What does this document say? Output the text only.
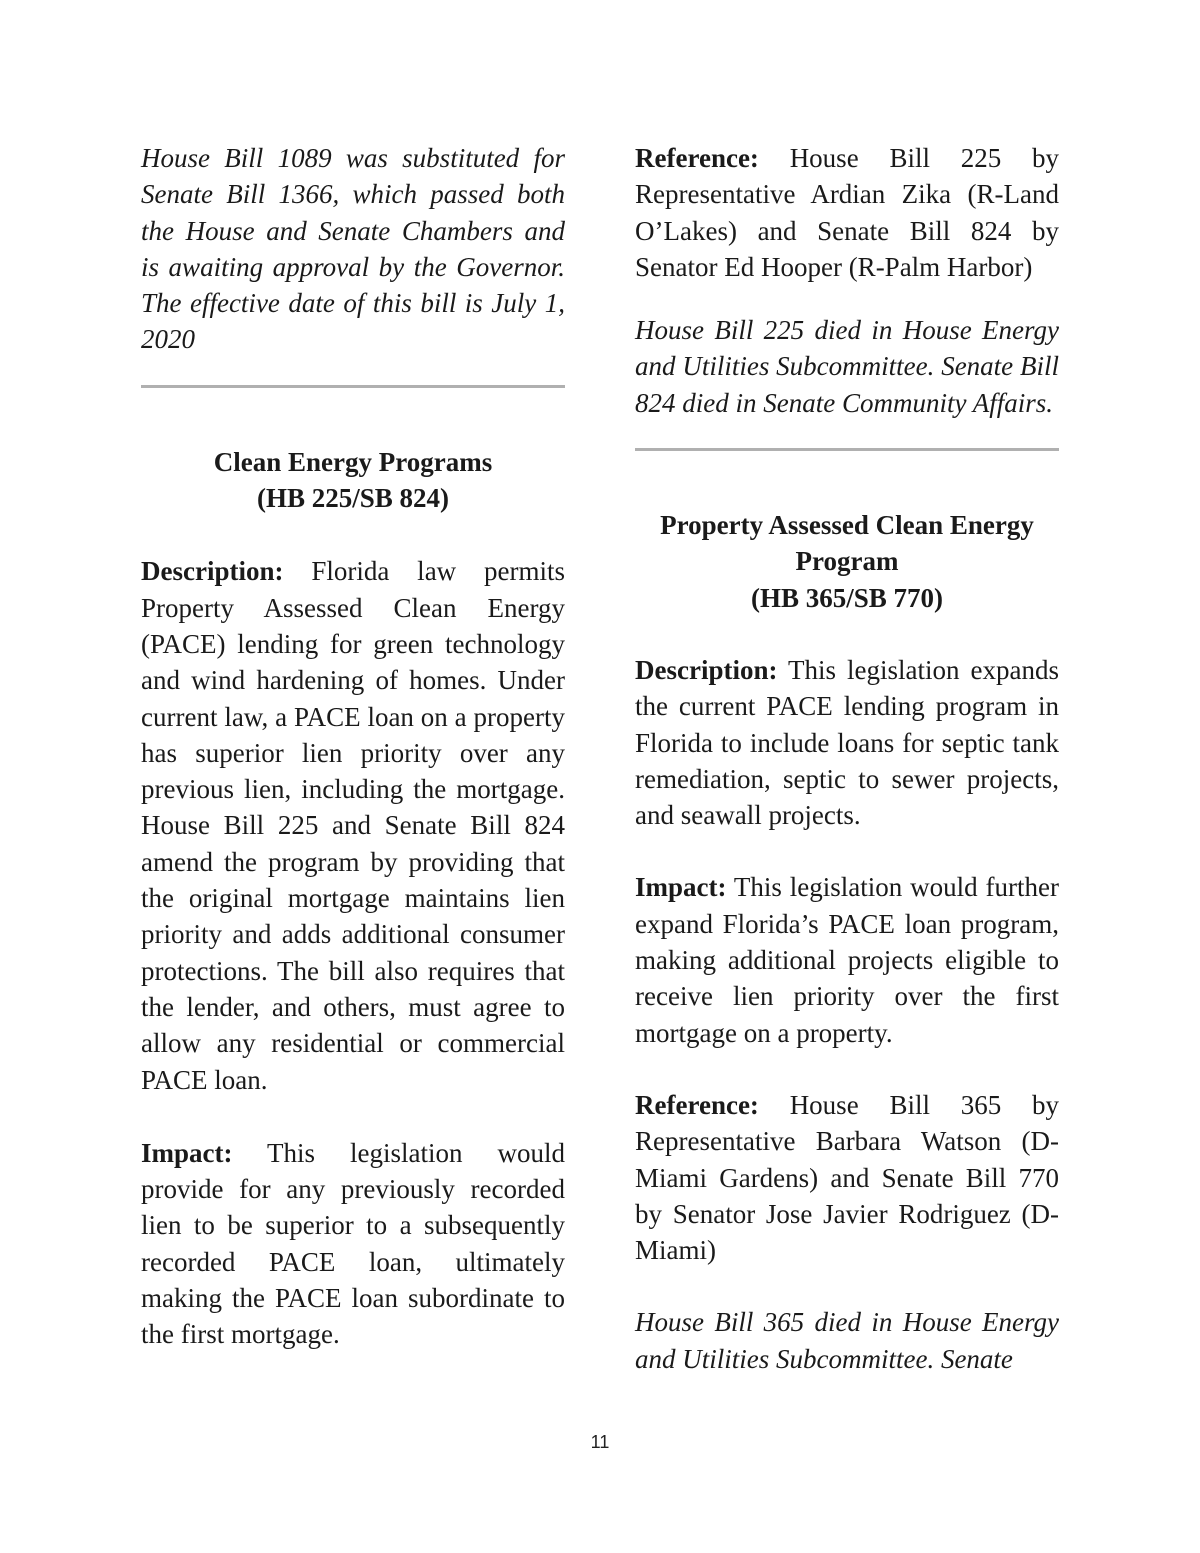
House Bill 1089 was substituted for Senate Bill 1366, which passed both the House and Senate Chambers and is awaiting approval by the Governor. The effective date of this bill is July 1, 2020

Clean Energy Programs
(HB 225/SB 824)

Description: Florida law permits Property Assessed Clean Energy (PACE) lending for green technology and wind hardening of homes. Under current law, a PACE loan on a property has superior lien priority over any previous lien, including the mortgage. House Bill 225 and Senate Bill 824 amend the program by providing that the original mortgage maintains lien priority and adds additional consumer protections. The bill also requires that the lender, and others, must agree to allow any residential or commercial PACE loan.

Impact: This legislation would provide for any previously recorded lien to be superior to a subsequently recorded PACE loan, ultimately making the PACE loan subordinate to the first mortgage.

Reference: House Bill 225 by Representative Ardian Zika (R-Land O’Lakes) and Senate Bill 824 by Senator Ed Hooper (R-Palm Harbor)

House Bill 225 died in House Energy and Utilities Subcommittee. Senate Bill 824 died in Senate Community Affairs.

Property Assessed Clean Energy
Program
(HB 365/SB 770)

Description: This legislation expands the current PACE lending program in Florida to include loans for septic tank remediation, septic to sewer projects, and seawall projects.

Impact: This legislation would further expand Florida’s PACE loan program, making additional projects eligible to receive lien priority over the first mortgage on a property.

Reference: House Bill 365 by Representative Barbara Watson (D-Miami Gardens) and Senate Bill 770 by Senator Jose Javier Rodriguez (D-Miami)

House Bill 365 died in House Energy and Utilities Subcommittee. Senate

11
